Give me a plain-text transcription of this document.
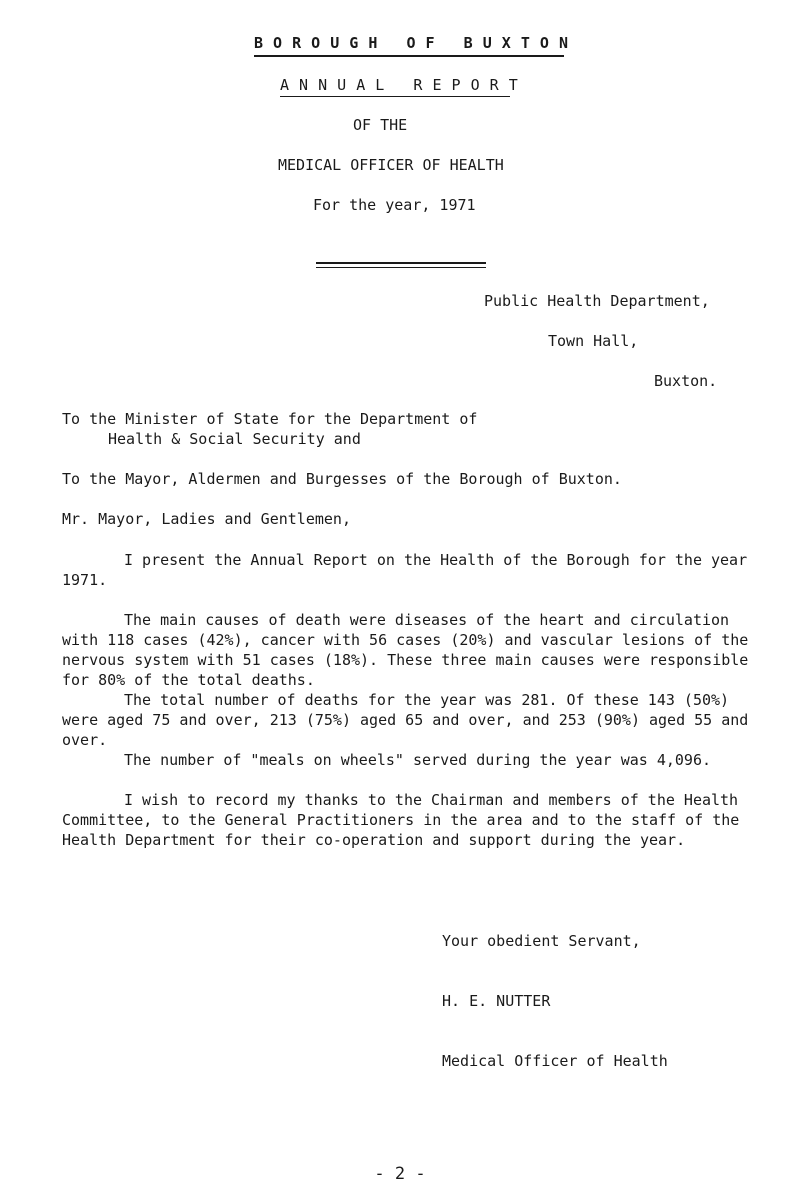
B O R O U G H   O F   B U X T O N
A N N U A L   R E P O R T
OF THE
MEDICAL OFFICER OF HEALTH
For the year, 1971
Public Health Department,
Town Hall,
Buxton.
To the Minister of State for the Department of
Health & Social Security and
To the Mayor, Aldermen and Burgesses of the Borough of Buxton.
Mr. Mayor, Ladies and Gentlemen,
I present the Annual Report on the Health of the Borough for the year 1971.
The main causes of death were diseases of the heart and circulation with 118 cases (42%), cancer with 56 cases (20%) and vascular lesions of the nervous system with 51 cases (18%). These three main causes were responsible for 80% of the total deaths.
The total number of deaths for the year was 281. Of these 143 (50%) were aged 75 and over, 213 (75%) aged 65 and over, and 253 (90%) aged 55 and over.
The number of "meals on wheels" served during the year was 4,096.
I wish to record my thanks to the Chairman and members of the Health Committee, to the General Practitioners in the area and to the staff of the Health Department for their co-operation and support during the year.
Your obedient Servant,
H. E. NUTTER
Medical Officer of Health
- 2 -
